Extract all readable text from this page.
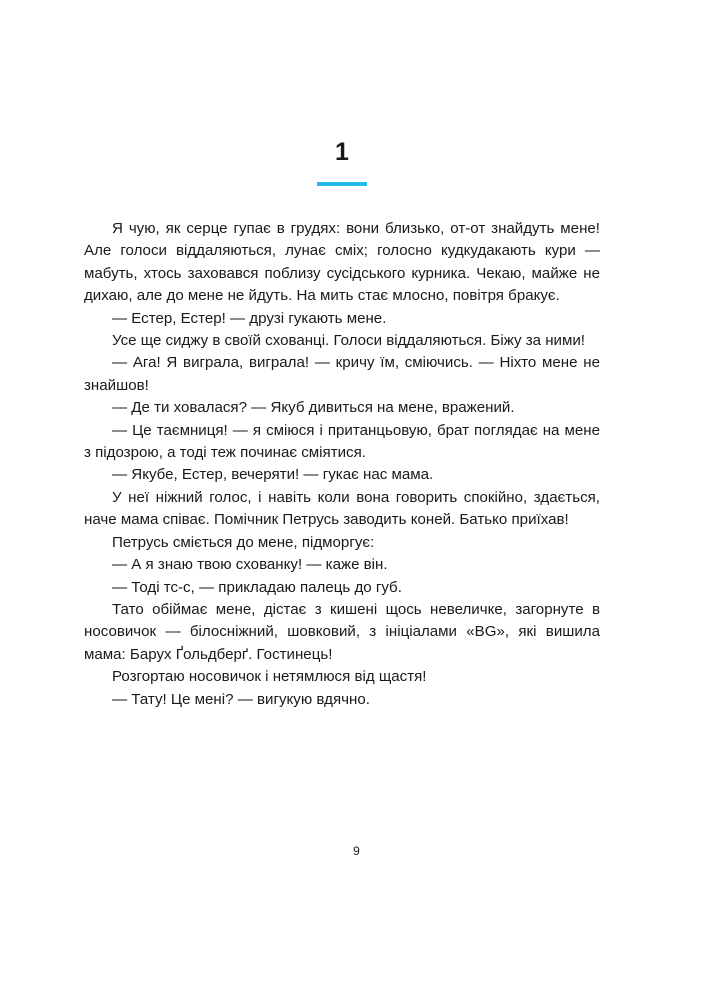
1

Я чую, як серце гупає в грудях: вони близько, от-от знайдуть мене! Але голоси віддаляються, лунає сміх; голосно кудкудакають кури — мабуть, хтось заховався поблизу сусідського курника. Чекаю, майже не дихаю, але до мене не йдуть. На мить стає млосно, повітря бракує.

— Естер, Естер! — друзі гукають мене.

Усе ще сиджу в своїй схованці. Голоси віддаляються. Біжу за ними!

— Ага! Я виграла, виграла! — кричу їм, сміючись. — Ніхто мене не знайшов!

— Де ти ховалася? — Якуб дивиться на мене, вражений.

— Це таємниця! — я сміюся і пританцьовую, брат поглядає на мене з підозрою, а тоді теж починає сміятися.

— Якубе, Естер, вечеряти! — гукає нас мама.

У неї ніжний голос, і навіть коли вона говорить спокійно, здається, наче мама співає. Помічник Петрусь заводить коней. Батько приїхав!

Петрусь сміється до мене, підморгує:

— А я знаю твою схованку! — каже він.

— Тоді тс-с, — прикладаю палець до губ.

Тато обіймає мене, дістає з кишені щось невеличке, загорнуте в носовичок — білосніжний, шовковий, з ініціалами «BG», які вишила мама: Барух Ґольдберґ. Гостинець!

Розгортаю носовичок і нетямлюся від щастя!

— Тату! Це мені? — вигукую вдячно.

9
